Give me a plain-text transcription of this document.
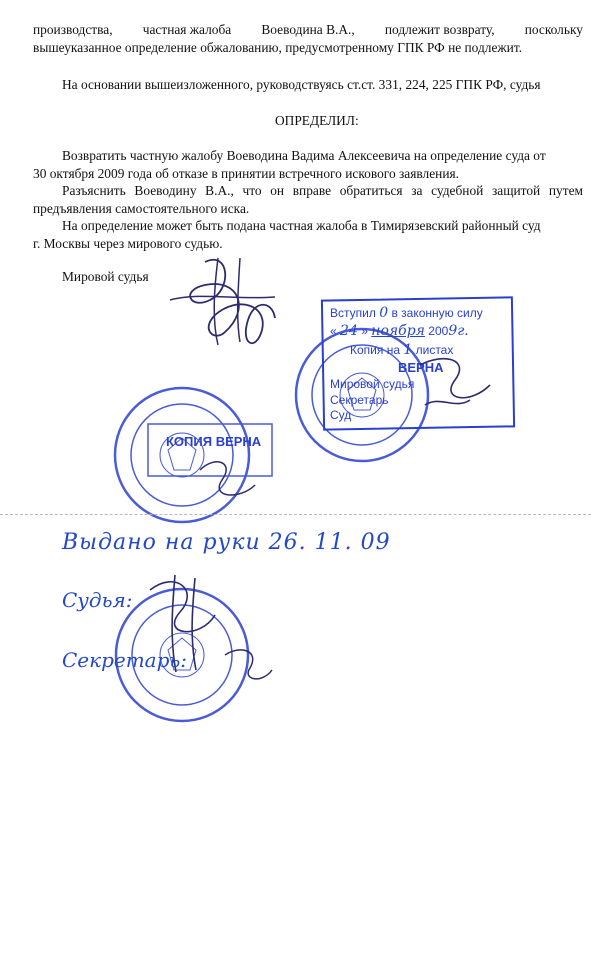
производства, частная жалоба Воеводина В.А., подлежит возврату, поскольку
вышеуказанное определение обжалованию, предусмотренному ГПК РФ не подлежит.
На основании вышеизложенного, руководствуясь ст.ст. 331, 224, 225 ГПК РФ, судья
ОПРЕДЕЛИЛ:
Возвратить частную жалобу Воеводина Вадима Алексеевича на определение суда от
30 октября 2009 года об отказе в принятии встречного искового заявления.
Разъяснить Воеводину В.А., что он вправе обратиться за судебной защитой путем
предъявления самостоятельного иска.
На определение может быть подана частная жалоба в Тимирязевский районный суд
г. Москвы через мирового судью.
Мировой судья
Вступил 0 в законную силу
« 24 » ноября 2009г.
Копия на 1 листах
ВЕРНА
Мировой судья
Секретарь
Суд
КОПИЯ ВЕРНА
Выдано на руки 26. 11. 09
Судья:
Секретарь:
